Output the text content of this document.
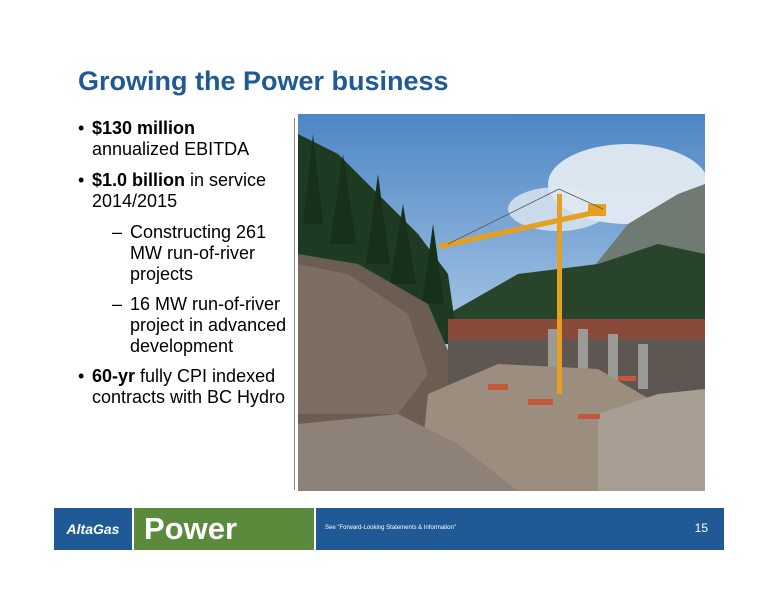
Growing the Power business
• $130 million
annualized EBITDA
• $1.0 billion in service 2014/2015
– Constructing 261 MW run-of-river projects
– 16 MW run-of-river project in advanced development
• 60-yr fully CPI indexed contracts with BC Hydro
AltaGas Power	See "Forward-Looking Statements & Information"	15
